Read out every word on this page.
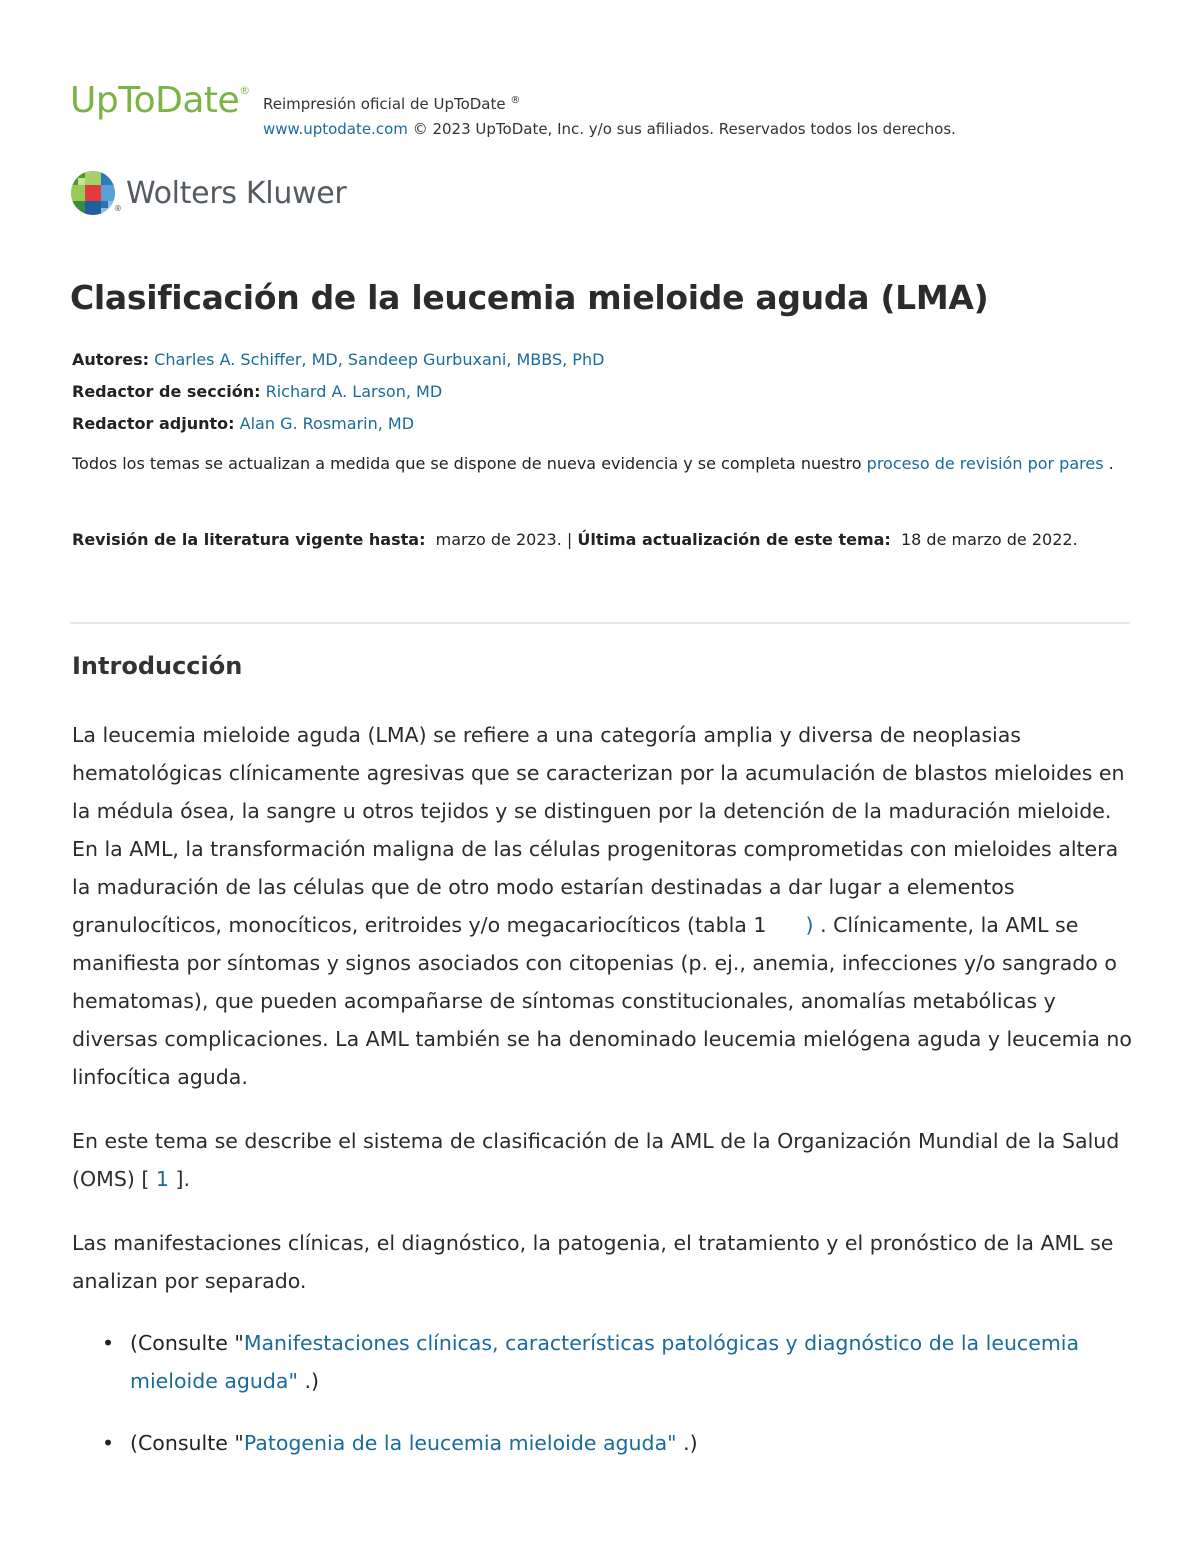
UpToDate®
Reimpresión oficial de UpToDate ®
www.uptodate.com © 2023 UpToDate, Inc. y/o sus afiliados. Reservados todos los derechos.
® Wolters Kluwer
Clasificación de la leucemia mieloide aguda (LMA)
Autores: Charles A. Schiffer, MD, Sandeep Gurbuxani, MBBS, PhD
Redactor de sección: Richard A. Larson, MD
Redactor adjunto: Alan G. Rosmarin, MD
Todos los temas se actualizan a medida que se dispone de nueva evidencia y se completa nuestro proceso de revisión por pares .
Revisión de la literatura vigente hasta: marzo de 2023. | Última actualización de este tema: 18 de marzo de 2022.
Introducción

La leucemia mieloide aguda (LMA) se refiere a una categoría amplia y diversa de neoplasias hematológicas clínicamente agresivas que se caracterizan por la acumulación de blastos mieloides en la médula ósea, la sangre u otros tejidos y se distinguen por la detención de la maduración mieloide. En la AML, la transformación maligna de las células progenitoras comprometidas con mieloides altera la maduración de las células que de otro modo estarían destinadas a dar lugar a elementos granulocíticos, monocíticos, eritroides y/o megacariocíticos (tabla 1 ) . Clínicamente, la AML se manifiesta por síntomas y signos asociados con citopenias (p. ej., anemia, infecciones y/o sangrado o hematomas), que pueden acompañarse de síntomas constitucionales, anomalías metabólicas y diversas complicaciones. La AML también se ha denominado leucemia mielógena aguda y leucemia no linfocítica aguda.

En este tema se describe el sistema de clasificación de la AML de la Organización Mundial de la Salud (OMS) [ 1 ].

Las manifestaciones clínicas, el diagnóstico, la patogenia, el tratamiento y el pronóstico de la AML se analizan por separado.

• (Consulte "Manifestaciones clínicas, características patológicas y diagnóstico de la leucemia mieloide aguda" .)
• (Consulte "Patogenia de la leucemia mieloide aguda" .)
